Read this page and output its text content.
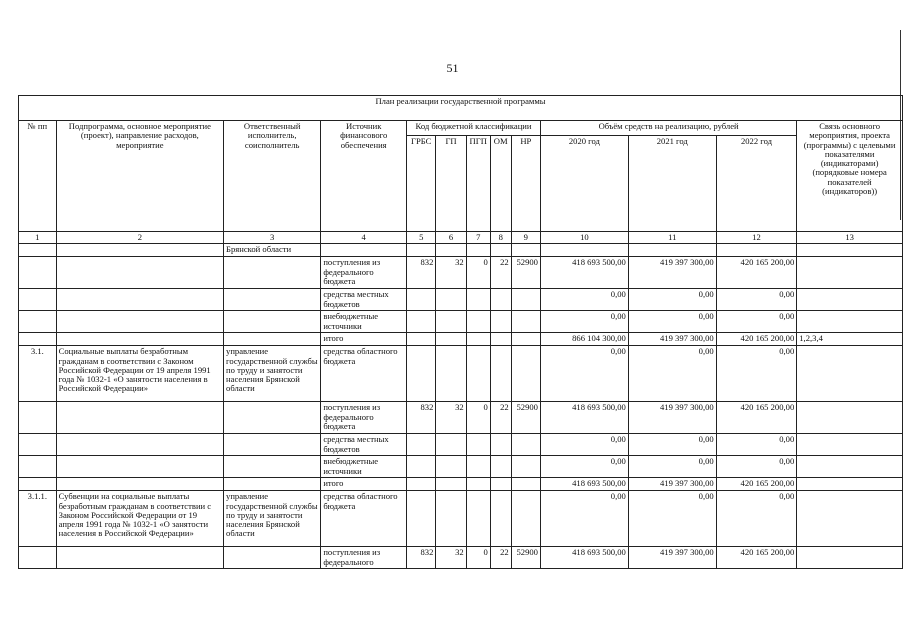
51
План реализации государственной программы												
№ пп	Подпрограмма, основное мероприятие (проект), направление расходов, мероприятие	Ответственный исполнитель, соисполнитель	Источник финансового обеспечения	Код бюджетной классификации					Объём средств на реализацию, рублей			Связь основного мероприятия, проекта (программы) с целевыми показателями (индикаторами) (порядковые номера показателей (индикаторов))
				ГРБС	ГП	ПГП	ОМ	НР	2020 год	2021 год	2022 год	
1	2	3	4	5	6	7	8	9	10	11	12	13
		Брянской области										
			поступления из федерального бюджета	832	32	0	22	52900	418 693 500,00	419 397 300,00	420 165 200,00	
			средства местных бюджетов						0,00	0,00	0,00	
			внебюджетные источники						0,00	0,00	0,00	
			итого						866 104 300,00	419 397 300,00	420 165 200,00	1,2,3,4
3.1.	Социальные выплаты безработным гражданам в соответствии с Законом Российской Федерации от 19 апреля 1991 года № 1032-1 «О занятости населения в Российской Федерации»	управление государственной службы по труду и занятости населения Брянской области	средства областного бюджета						0,00	0,00	0,00	
			поступления из федерального бюджета	832	32	0	22	52900	418 693 500,00	419 397 300,00	420 165 200,00	
			средства местных бюджетов						0,00	0,00	0,00	
			внебюджетные источники						0,00	0,00	0,00	
			итого						418 693 500,00	419 397 300,00	420 165 200,00	
3.1.1.	Субвенции на социальные выплаты безработным гражданам в соответствии с Законом Российской Федерации от 19 апреля 1991 года № 1032-1 «О занятости населения в Российской Федерации»	управление государственной службы по труду и занятости населения Брянской области	средства областного бюджета						0,00	0,00	0,00	
			поступления из федерального	832	32	0	22	52900	418 693 500,00	419 397 300,00	420 165 200,00	
